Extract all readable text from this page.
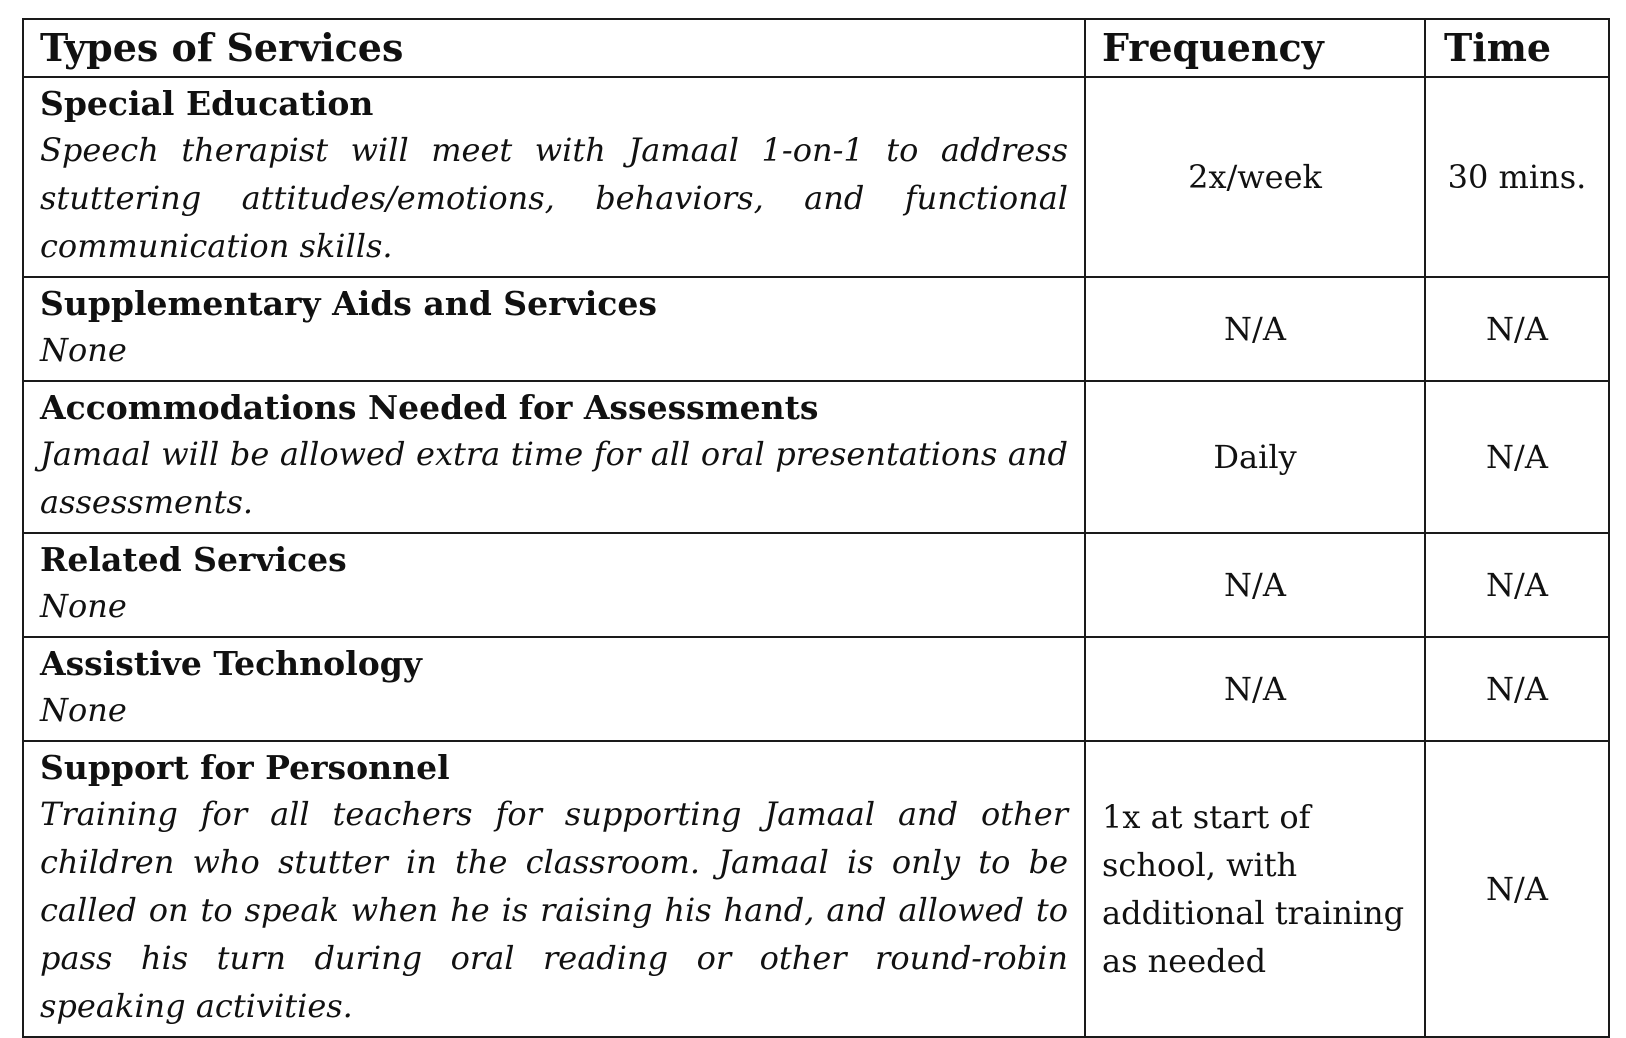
Types of Services	Frequency	Time

Special Education
Speech therapist will meet with Jamaal 1-on-1 to address stuttering attitudes/emotions, behaviors, and functional communication skills.	2x/week	30 mins.

Supplementary Aids and Services
None	N/A	N/A

Accommodations Needed for Assessments
Jamaal will be allowed extra time for all oral presentations and assessments.	Daily	N/A

Related Services
None	N/A	N/A

Assistive Technology
None	N/A	N/A

Support for Personnel
Training for all teachers for supporting Jamaal and other children who stutter in the classroom. Jamaal is only to be called on to speak when he is raising his hand, and allowed to pass his turn during oral reading or other round-robin speaking activities.	1x at start of school, with additional training as needed	N/A
